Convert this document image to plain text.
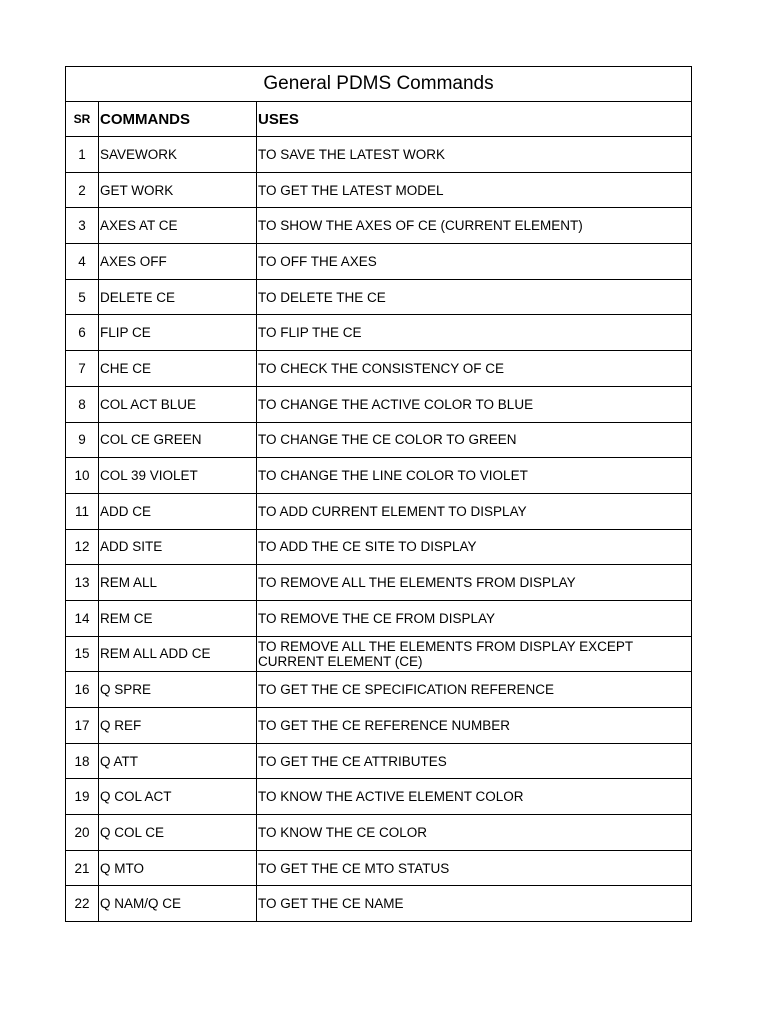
General PDMS Commands		
SR	COMMANDS	USES
1	SAVEWORK	TO SAVE THE LATEST WORK
2	GET WORK	TO GET THE LATEST MODEL
3	AXES AT CE	TO SHOW THE AXES OF CE (CURRENT ELEMENT)
4	AXES OFF	TO OFF THE AXES
5	DELETE CE	TO DELETE THE CE
6	FLIP CE	TO FLIP THE CE
7	CHE CE	TO CHECK THE CONSISTENCY OF CE
8	COL ACT BLUE	TO CHANGE THE ACTIVE COLOR TO BLUE
9	COL CE GREEN	TO CHANGE THE CE COLOR TO GREEN
10	COL 39 VIOLET	TO CHANGE THE LINE COLOR TO VIOLET
11	ADD CE	TO ADD CURRENT ELEMENT TO DISPLAY
12	ADD SITE	TO ADD THE CE SITE TO DISPLAY
13	REM ALL	TO REMOVE ALL THE ELEMENTS FROM DISPLAY
14	REM CE	TO REMOVE THE CE FROM DISPLAY
15	REM ALL ADD CE	TO REMOVE ALL THE ELEMENTS FROM DISPLAY EXCEPT CURRENT ELEMENT (CE)
16	Q SPRE	TO GET THE CE SPECIFICATION REFERENCE
17	Q REF	TO GET THE CE REFERENCE NUMBER
18	Q ATT	TO GET THE CE ATTRIBUTES
19	Q COL ACT	TO KNOW THE ACTIVE ELEMENT COLOR
20	Q COL CE	TO KNOW THE CE COLOR
21	Q MTO	TO GET THE CE MTO STATUS
22	Q NAM/Q CE	TO GET THE CE NAME
